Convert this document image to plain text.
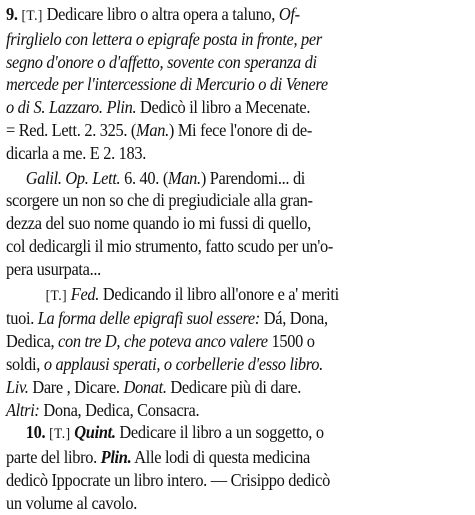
9. [T.] Dedicare libro o altra opera a taluno, Of-
frirglielo con lettera o epigrafe posta in fronte, per
segno d'onore o d'affetto, sovente con speranza di
mercede per l'intercessione di Mercurio o di Venere
o di S. Lazzaro. Plin. Dedicò il libro a Mecenate.
= Red. Lett. 2. 325. (Man.) Mi fece l'onore di de-
dicarla a me. E 2. 183.
Galil. Op. Lett. 6. 40. (Man.) Parendomi... di
scorgere un non so che di pregiudiciale alla gran-
dezza del suo nome quando io mi fussi di quello,
col dedicargli il mio strumento, fatto scudo per un'o-
pera usurpata...
[T.] Fed. Dedicando il libro all'onore e a' meriti
tuoi. La forma delle epigrafi suol essere: Dá, Dona,
Dedica, con tre D, che poteva anco valere 1500 o
soldi, o applausi sperati, o corbellerie d'esso libro.
Liv. Dare , Dicare. Donat. Dedicare più di dare.
Altri: Dona, Dedica, Consacra.
10. [T.] Quint. Dedicare il libro a un soggetto, o
parte del libro. Plin. Alle lodi di questa medicina
dedicò Ippocrate un libro intero. — Crisippo dedicò
un volume al cavolo.
